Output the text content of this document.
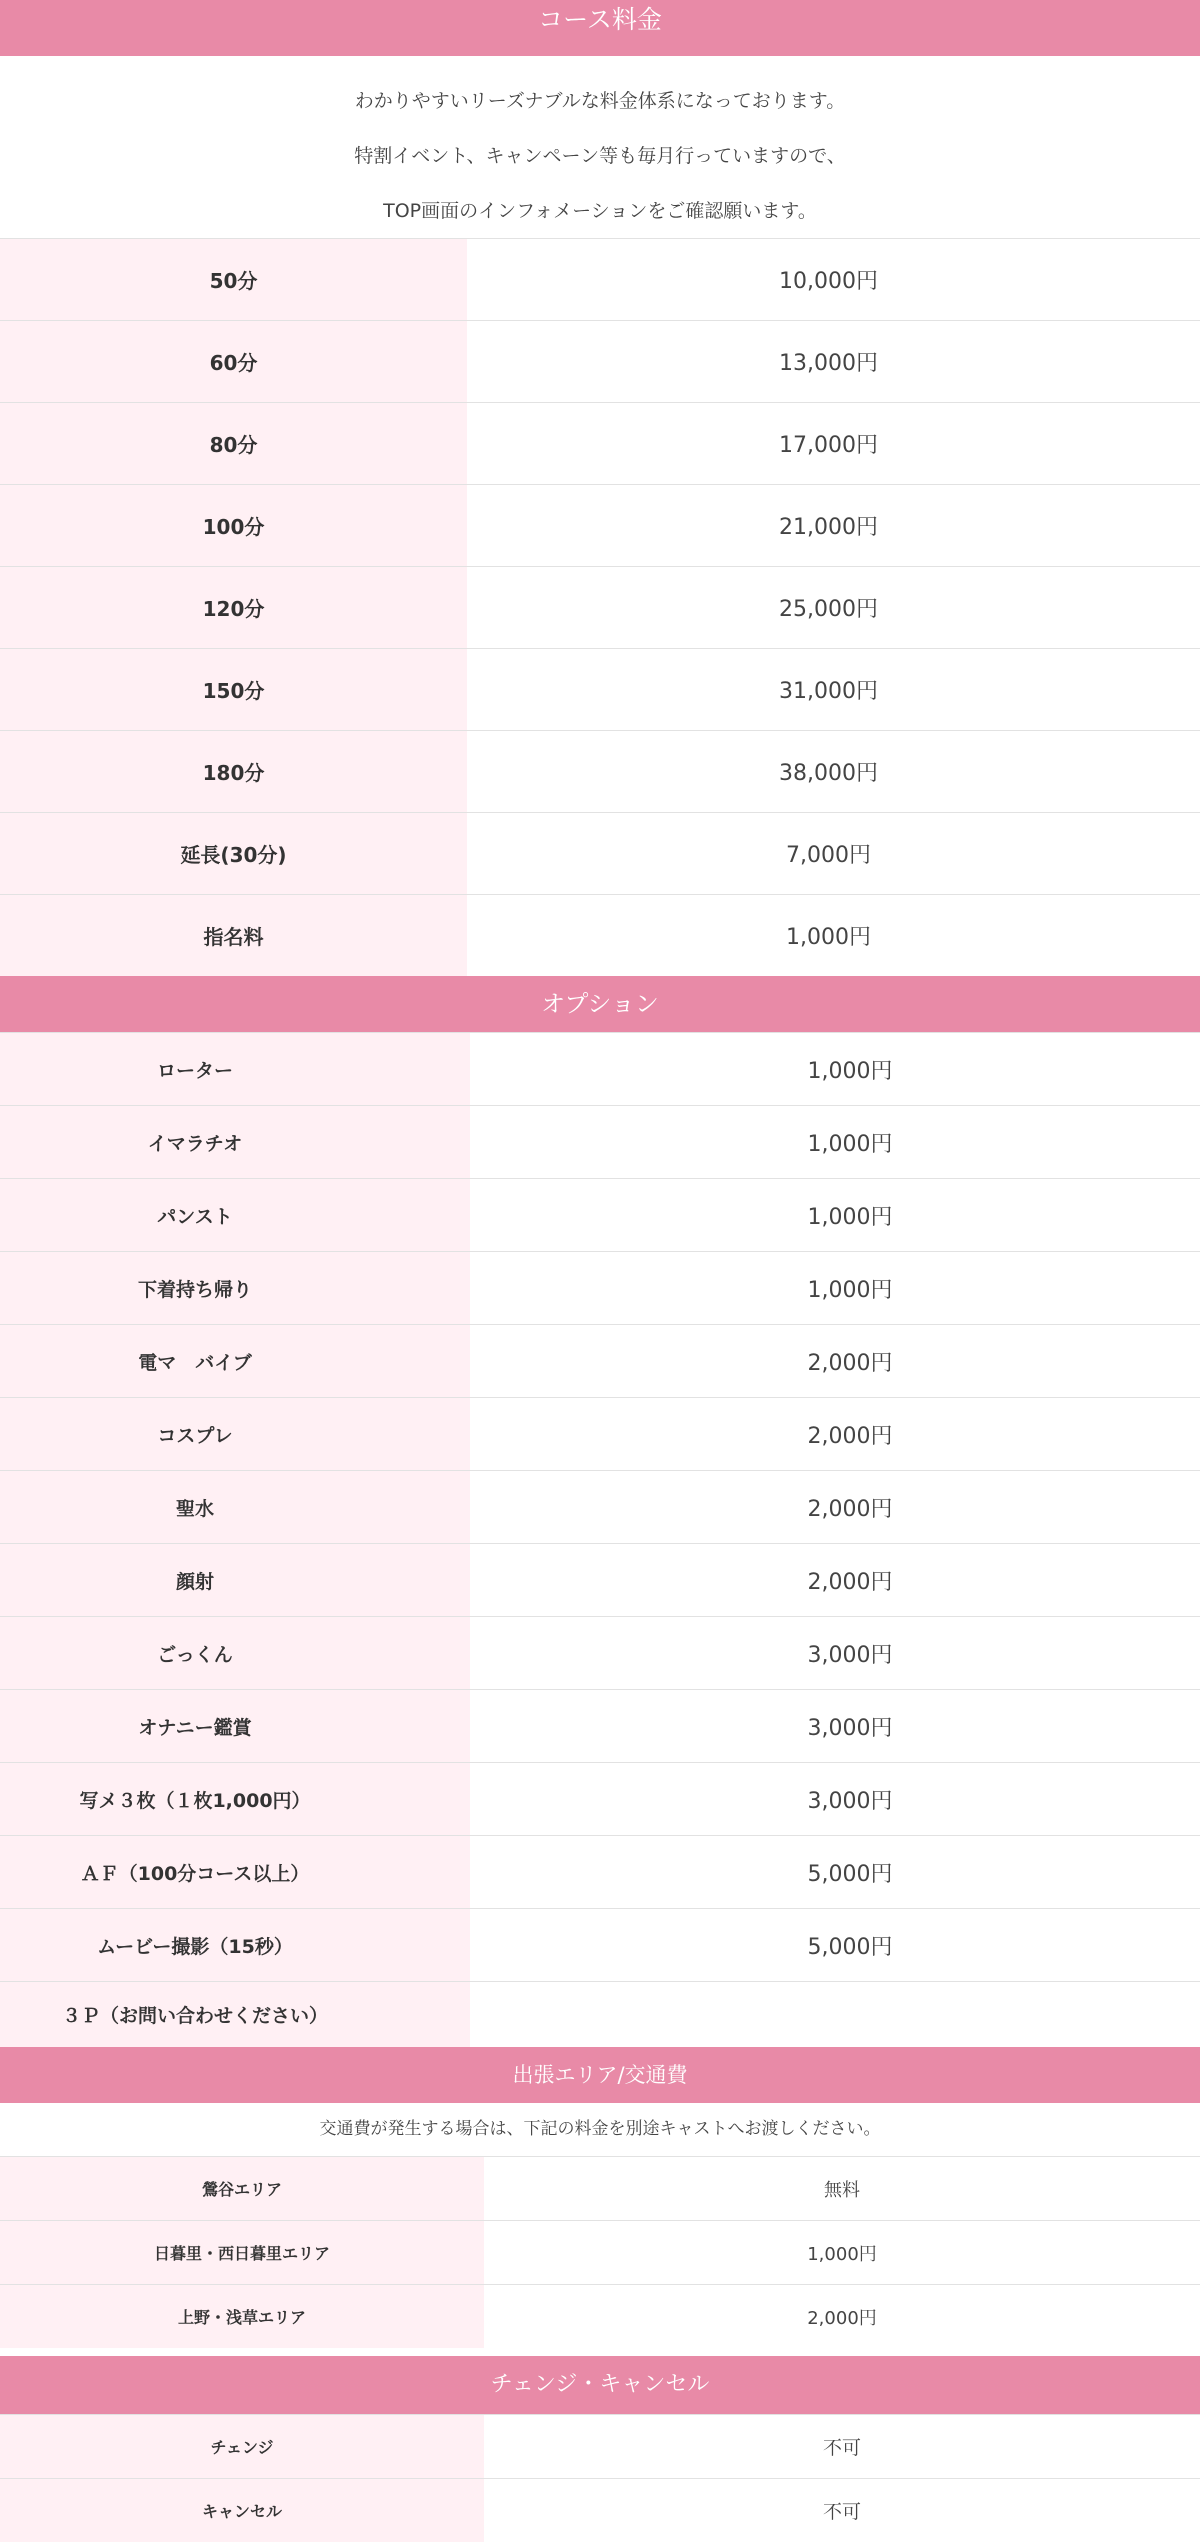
コース料金

わかりやすいリーズナブルな料金体系になっております。

特割イベント、キャンペーン等も毎月行っていますので、

TOP画面のインフォメーションをご確認願います。

50分	10,000円
60分	13,000円
80分	17,000円
100分	21,000円
120分	25,000円
150分	31,000円
180分	38,000円
延長(30分)	7,000円
指名料	1,000円
オプション
ローター	1,000円
イマラチオ	1,000円
パンスト	1,000円
下着持ち帰り	1,000円
電マ　バイブ	2,000円
コスプレ	2,000円
聖水	2,000円
顔射	2,000円
ごっくん	3,000円
オナニー鑑賞	3,000円
写メ３枚（１枚1,000円）	3,000円
ＡＦ（100分コース以上）	5,000円
ムービー撮影（15秒）	5,000円
３Ｐ（お問い合わせください）
出張エリア/交通費
交通費が発生する場合は、下記の料金を別途キャストへお渡しください。
鶯谷エリア	無料
日暮里・西日暮里エリア	1,000円
上野・浅草エリア	2,000円
チェンジ・キャンセル
チェンジ	不可
キャンセル	不可
